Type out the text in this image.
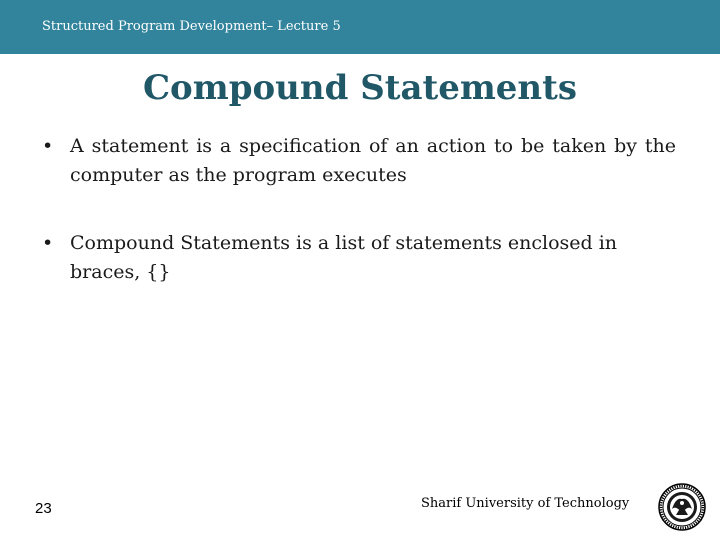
Structured Program Development– Lecture 5
Compound Statements
• A statement is a specification of an action to be taken by the computer as the program executes
• Compound Statements is a list of statements enclosed in braces, {}
23	Sharif University of Technology
